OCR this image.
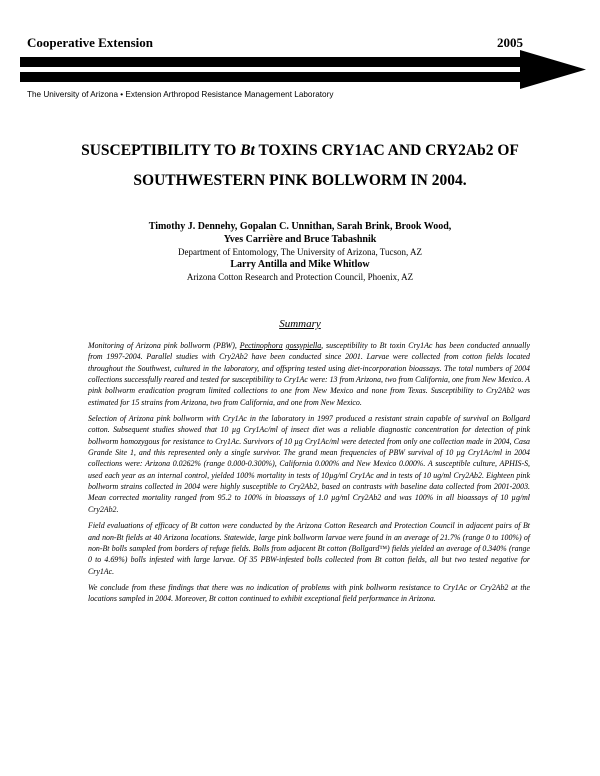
Cooperative Extension	2005
The University of Arizona • Extension Arthropod Resistance Management Laboratory
SUSCEPTIBILITY TO Bt TOXINS CRY1AC AND CRY2Ab2 OF
SOUTHWESTERN PINK BOLLWORM IN 2004.
Timothy J. Dennehy, Gopalan C. Unnithan, Sarah Brink, Brook Wood,
Yves Carrière and Bruce Tabashnik
Department of Entomology, The University of Arizona, Tucson, AZ
Larry Antilla and Mike Whitlow
Arizona Cotton Research and Protection Council, Phoenix, AZ
Summary

Monitoring of Arizona pink bollworm (PBW), Pectinophora gossypiella, susceptibility to Bt toxin Cry1Ac has been conducted annually from 1997-2004. Parallel studies with Cry2Ab2 have been conducted since 2001. Larvae were collected from cotton fields located throughout the Southwest, cultured in the laboratory, and offspring tested using diet-incorporation bioassays. The total numbers of 2004 collections successfully reared and tested for susceptibility to Cry1Ac were: 13 from Arizona, two from California, one from New Mexico. A pink bollworm eradication program limited collections to one from New Mexico and none from Texas. Susceptibility to Cry2Ab2 was estimated for 15 strains from Arizona, two from California, and one from New Mexico.

Selection of Arizona pink bollworm with Cry1Ac in the laboratory in 1997 produced a resistant strain capable of survival on Bollgard cotton. Subsequent studies showed that 10 µg Cry1Ac/ml of insect diet was a reliable diagnostic concentration for detection of pink bollworm homozygous for resistance to Cry1Ac. Survivors of 10 µg Cry1Ac/ml were detected from only one collection made in 2004, Casa Grande Site 1, and this represented only a single survivor. The grand mean frequencies of PBW survival of 10 µg Cry1Ac/ml in 2004 collections were: Arizona 0.0262% (range 0.000-0.300%), California 0.000% and New Mexico 0.000%. A susceptible culture, APHIS-S, used each year as an internal control, yielded 100% mortality in tests of 10µg/ml Cry1Ac and in tests of 10 ug/ml Cry2Ab2. Eighteen pink bollworm strains collected in 2004 were highly susceptible to Cry2Ab2, based on contrasts with baseline data collected from 2001-2003. Mean corrected mortality ranged from 95.2 to 100% in bioassays of 1.0 µg/ml Cry2Ab2 and was 100% in all bioassays of 10 µg/ml Cry2Ab2.

Field evaluations of efficacy of Bt cotton were conducted by the Arizona Cotton Research and Protection Council in adjacent pairs of Bt and non-Bt fields at 40 Arizona locations. Statewide, large pink bollworm larvae were found in an average of 21.7% (range 0 to 100%) of non-Bt bolls sampled from borders of refuge fields. Bolls from adjacent Bt cotton (Bollgard™) fields yielded an average of 0.340% (range 0 to 4.69%) bolls infested with large larvae. Of 35 PBW-infested bolls collected from Bt cotton fields, all but two tested negative for Cry1Ac.

We conclude from these findings that there was no indication of problems with pink bollworm resistance to Cry1Ac or Cry2Ab2 at the locations sampled in 2004. Moreover, Bt cotton continued to exhibit exceptional field performance in Arizona.
